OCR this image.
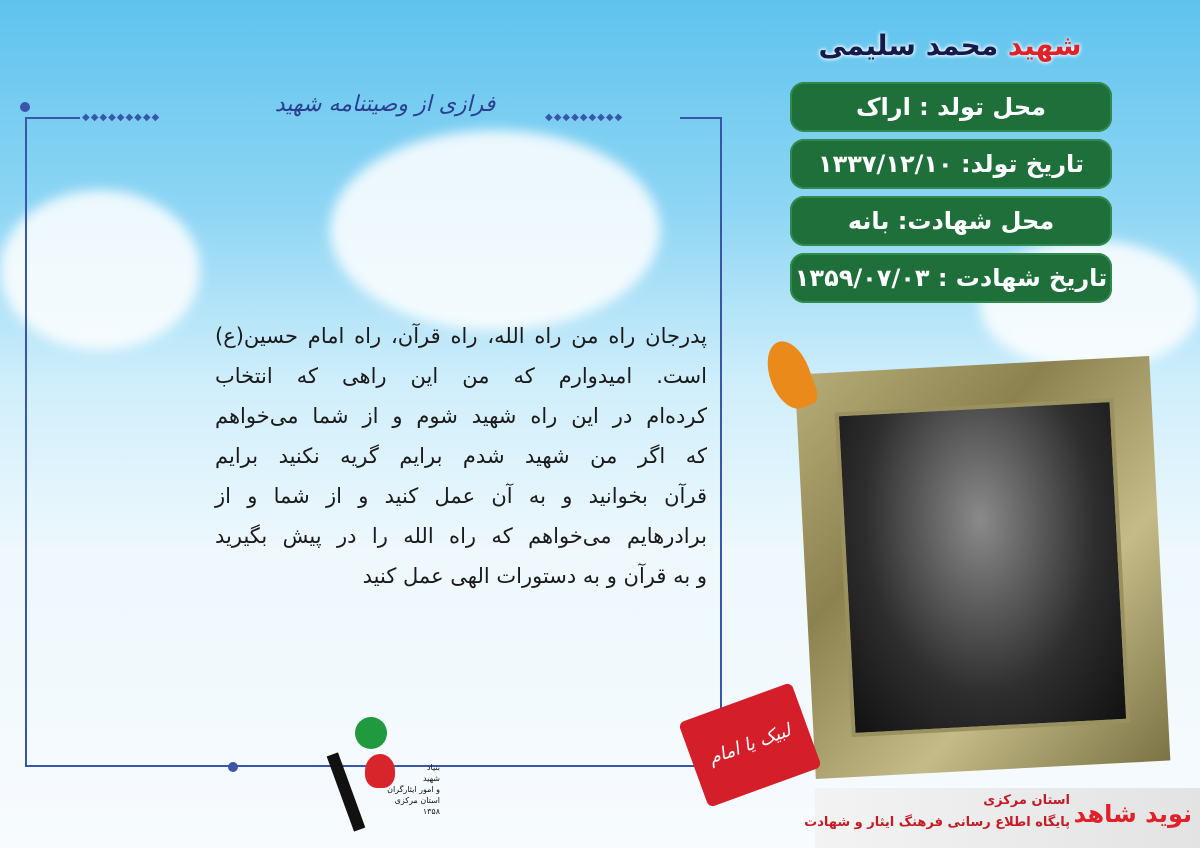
◆◆◆◆◆◆◆◆◆	◆◆◆◆◆◆◆◆◆
فرازی از وصیتنامه شهید
پدرجان راه من راه الله، راه قرآن، راه امام حسین(ع)
است. امیدوارم که من این راهی که انتخاب
کرده‌ام در این راه شهید شوم و از شما می‌خواهم
که اگر من شهید شدم برایم گریه نکنید برایم
قرآن بخوانید و به آن عمل کنید و از شما و از
برادرهایم می‌خواهم که راه الله را در پیش بگیرید
و به قرآن و به دستورات الهی عمل کنید
شهید محمد سلیمی
محل تولد : اراک
تاریخ تولد: ۱۳۳۷/۱۲/۱۰
محل شهادت: بانه
تاریخ شهادت : ۱۳۵۹/۰۷/۰۳
لبیک یا امام
نوید شاهد
استان مرکزی
پایگاه اطلاع رسانی فرهنگ ایثار و شهادت
بنیاد
شهید
و امور ایثارگران
استان مرکزی
۱۳۵۸
